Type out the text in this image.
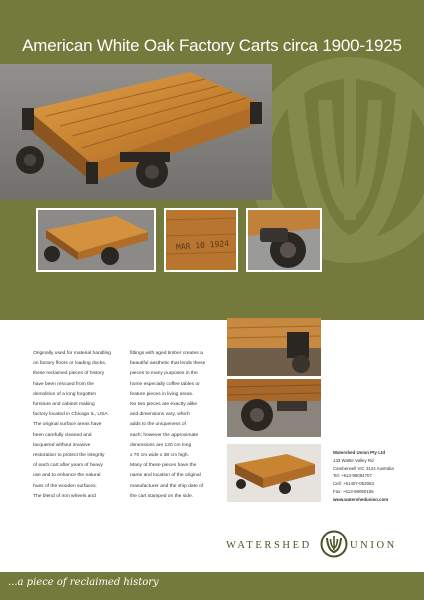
American White Oak Factory Carts circa 1900-1925
MAR 10 1924
Originally used for material handling
on factory floors or loading docks,
these reclaimed pieces of history
have been rescued from the
demolition of a long forgotten
furniture and cabinet making
factory located in Chicago IL, USA.
The original surface areas have
been carefully cleaned and
lacquered without invasive
restoration to protect the integrity
of each cart after years of heavy
use and to enhance the natural
hues of the wooden surfaces.
The blend of iron wheels and
fittings with aged timber creates a
beautiful aesthetic that lends these
pieces to many purposes in the
home especially coffee tables or
feature pieces in living areas.
No two pieces are exactly alike
and dimensions vary, which
adds to the uniqueness of
each; however the approximate
dimensions are 120 cm long
x 70 cm wide x 38 cm high.
Many of these pieces have the
name and location of the original
manufacturer and the ship date of
the cart stamped on the side.
Watershed Union Pty Ltd
133 Wattle Valley Rd
Camberwell VIC 3124 Australia
Tel: +613-98094707
Cell: +61407-053063
Fax: +613-98090155
www.watershedunion.com
WATERSHED	UNION
...a piece of reclaimed history
